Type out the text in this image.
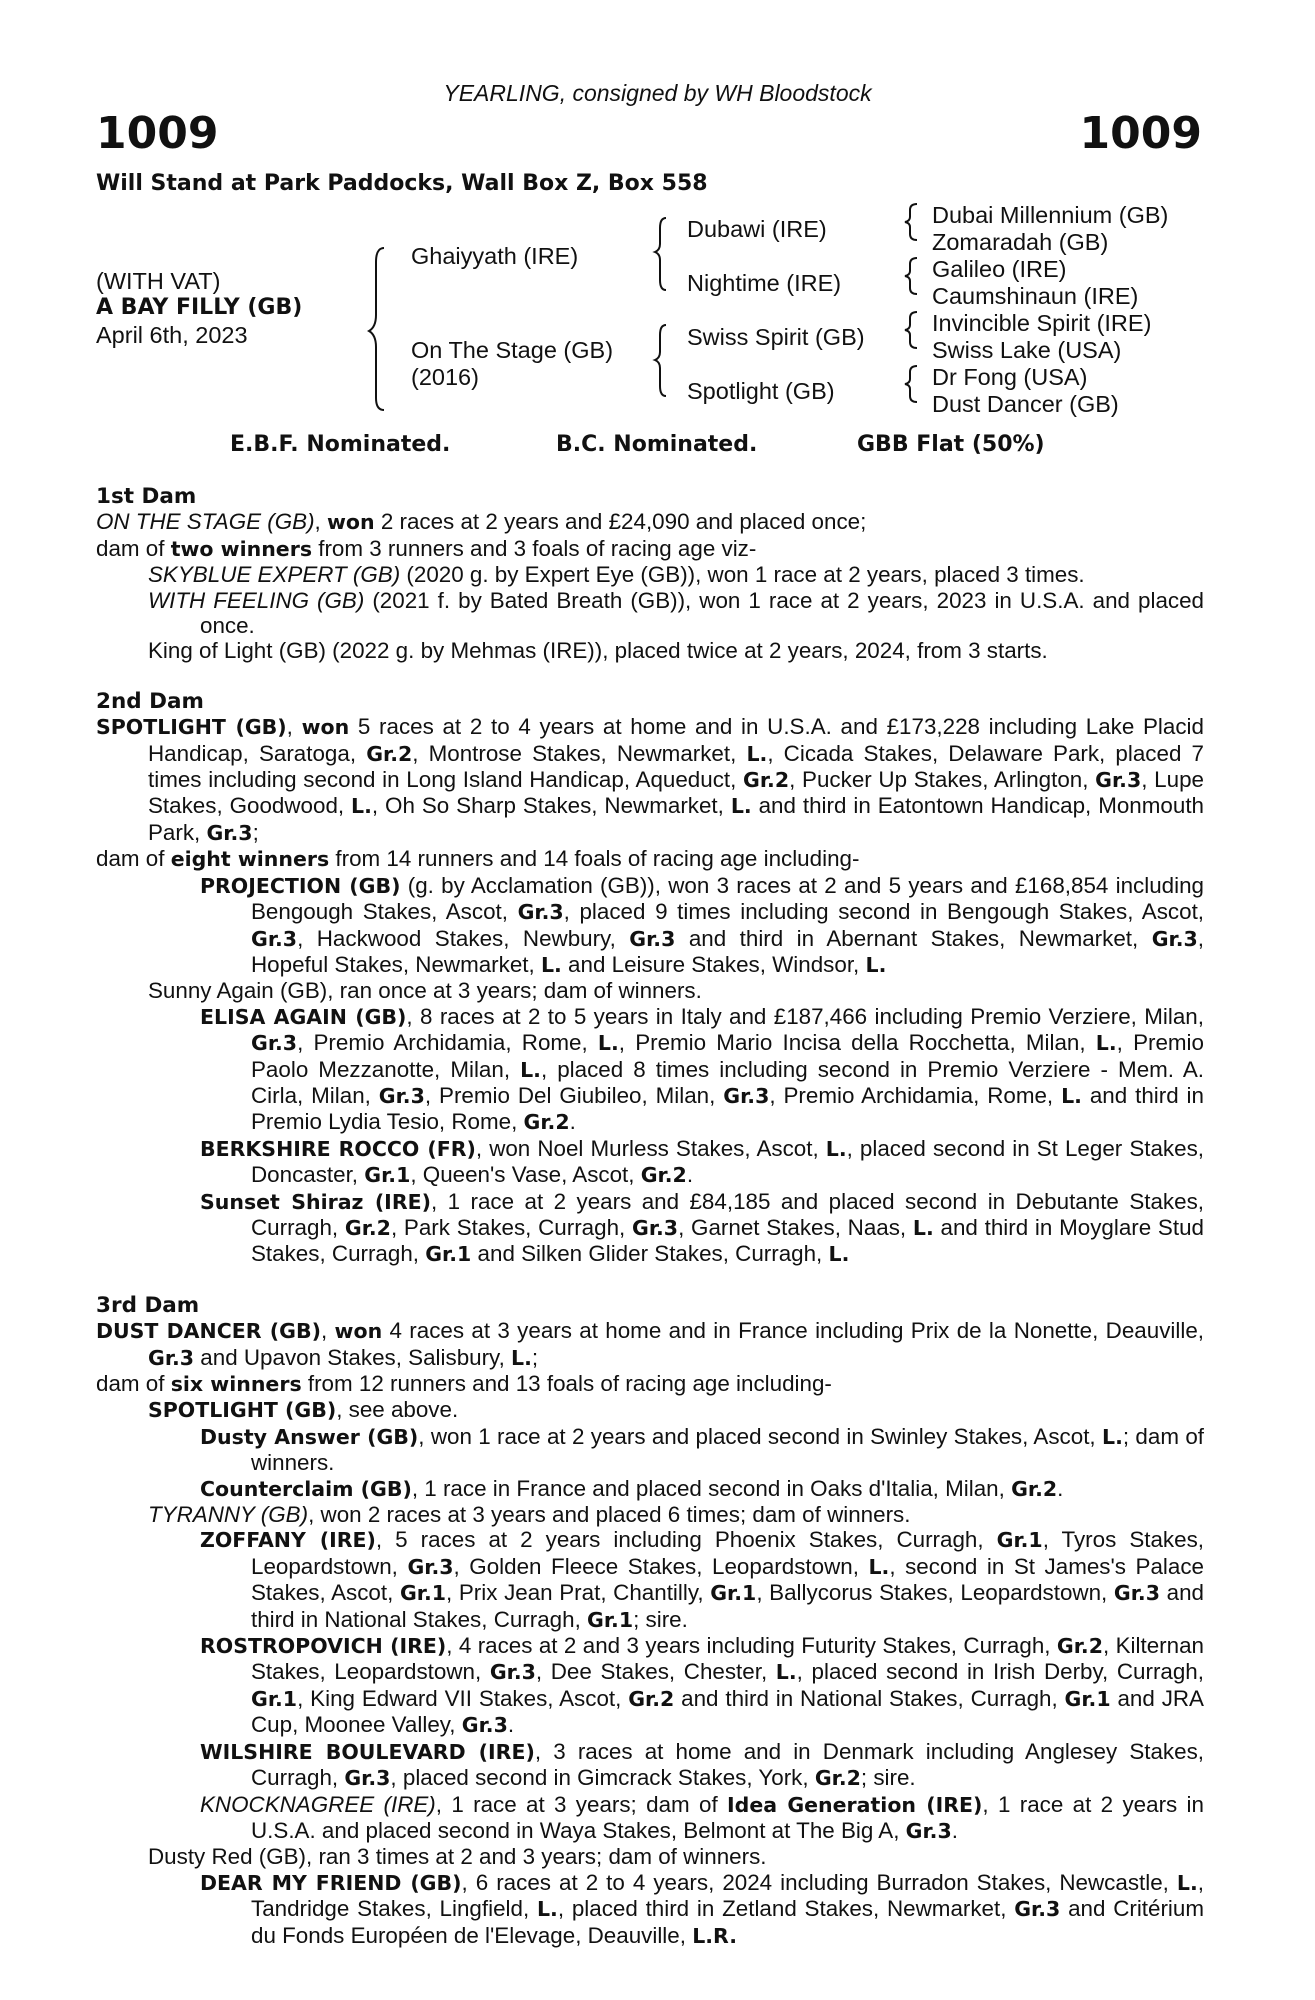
YEARLING, consigned by WH Bloodstock
1009	1009
Will Stand at Park Paddocks, Wall Box Z, Box 558
(WITH VAT)
A BAY FILLY (GB)
April 6th, 2023
Ghaiyyath (IRE)
On The Stage (GB)
(2016)
Dubawi (IRE)
Nightime (IRE)
Swiss Spirit (GB)
Spotlight (GB)
Dubai Millennium (GB)
Zomaradah (GB)
Galileo (IRE)
Caumshinaun (IRE)
Invincible Spirit (IRE)
Swiss Lake (USA)
Dr Fong (USA)
Dust Dancer (GB)
E.B.F. Nominated.	B.C. Nominated.	GBB Flat (50%)

1st Dam

ON THE STAGE (GB), won 2 races at 2 years and £24,090 and placed once;

dam of two winners from 3 runners and 3 foals of racing age viz-

SKYBLUE EXPERT (GB) (2020 g. by Expert Eye (GB)), won 1 race at 2 years, placed 3 times.

WITH FEELING (GB) (2021 f. by Bated Breath (GB)), won 1 race at 2 years, 2023 in U.S.A. and placed once.

King of Light (GB) (2022 g. by Mehmas (IRE)), placed twice at 2 years, 2024, from 3 starts.

2nd Dam

SPOTLIGHT (GB), won 5 races at 2 to 4 years at home and in U.S.A. and £173,228 including Lake Placid Handicap, Saratoga, Gr.2, Montrose Stakes, Newmarket, L., Cicada Stakes, Delaware Park, placed 7 times including second in Long Island Handicap, Aqueduct, Gr.2, Pucker Up Stakes, Arlington, Gr.3, Lupe Stakes, Goodwood, L., Oh So Sharp Stakes, Newmarket, L. and third in Eatontown Handicap, Monmouth Park, Gr.3;

dam of eight winners from 14 runners and 14 foals of racing age including-

PROJECTION (GB) (g. by Acclamation (GB)), won 3 races at 2 and 5 years and £168,854 including Bengough Stakes, Ascot, Gr.3, placed 9 times including second in Bengough Stakes, Ascot, Gr.3, Hackwood Stakes, Newbury, Gr.3 and third in Abernant Stakes, Newmarket, Gr.3, Hopeful Stakes, Newmarket, L. and Leisure Stakes, Windsor, L.

Sunny Again (GB), ran once at 3 years; dam of winners.

ELISA AGAIN (GB), 8 races at 2 to 5 years in Italy and £187,466 including Premio Verziere, Milan, Gr.3, Premio Archidamia, Rome, L., Premio Mario Incisa della Rocchetta, Milan, L., Premio Paolo Mezzanotte, Milan, L., placed 8 times including second in Premio Verziere - Mem. A. Cirla, Milan, Gr.3, Premio Del Giubileo, Milan, Gr.3, Premio Archidamia, Rome, L. and third in Premio Lydia Tesio, Rome, Gr.2.

BERKSHIRE ROCCO (FR), won Noel Murless Stakes, Ascot, L., placed second in St Leger Stakes, Doncaster, Gr.1, Queen's Vase, Ascot, Gr.2.

Sunset Shiraz (IRE), 1 race at 2 years and £84,185 and placed second in Debutante Stakes, Curragh, Gr.2, Park Stakes, Curragh, Gr.3, Garnet Stakes, Naas, L. and third in Moyglare Stud Stakes, Curragh, Gr.1 and Silken Glider Stakes, Curragh, L.

3rd Dam

DUST DANCER (GB), won 4 races at 3 years at home and in France including Prix de la Nonette, Deauville, Gr.3 and Upavon Stakes, Salisbury, L.;

dam of six winners from 12 runners and 13 foals of racing age including-

SPOTLIGHT (GB), see above.

Dusty Answer (GB), won 1 race at 2 years and placed second in Swinley Stakes, Ascot, L.; dam of winners.

Counterclaim (GB), 1 race in France and placed second in Oaks d'Italia, Milan, Gr.2.

TYRANNY (GB), won 2 races at 3 years and placed 6 times; dam of winners.

ZOFFANY (IRE), 5 races at 2 years including Phoenix Stakes, Curragh, Gr.1, Tyros Stakes, Leopardstown, Gr.3, Golden Fleece Stakes, Leopardstown, L., second in St James's Palace Stakes, Ascot, Gr.1, Prix Jean Prat, Chantilly, Gr.1, Ballycorus Stakes, Leopardstown, Gr.3 and third in National Stakes, Curragh, Gr.1; sire.

ROSTROPOVICH (IRE), 4 races at 2 and 3 years including Futurity Stakes, Curragh, Gr.2, Kilternan Stakes, Leopardstown, Gr.3, Dee Stakes, Chester, L., placed second in Irish Derby, Curragh, Gr.1, King Edward VII Stakes, Ascot, Gr.2 and third in National Stakes, Curragh, Gr.1 and JRA Cup, Moonee Valley, Gr.3.

WILSHIRE BOULEVARD (IRE), 3 races at home and in Denmark including Anglesey Stakes, Curragh, Gr.3, placed second in Gimcrack Stakes, York, Gr.2; sire.

KNOCKNAGREE (IRE), 1 race at 3 years; dam of Idea Generation (IRE), 1 race at 2 years in U.S.A. and placed second in Waya Stakes, Belmont at The Big A, Gr.3.

Dusty Red (GB), ran 3 times at 2 and 3 years; dam of winners.

DEAR MY FRIEND (GB), 6 races at 2 to 4 years, 2024 including Burradon Stakes, Newcastle, L., Tandridge Stakes, Lingfield, L., placed third in Zetland Stakes, Newmarket, Gr.3 and Critérium du Fonds Européen de l'Elevage, Deauville, L.R.
